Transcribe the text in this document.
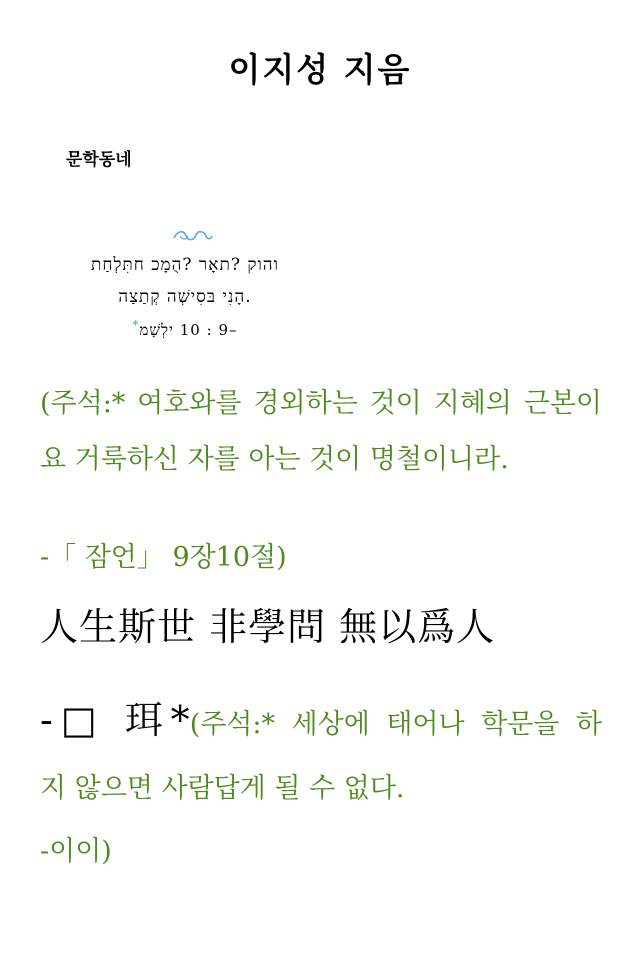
이지성 지음
문학동네
והוק ?תאָר ?הֻמָכ חתִּלְחַת
.הָנִי בּסִישְׁה קְתַצַה
–9 : 10 ילְשָׁמ*
(주석:* 여호와를 경외하는 것이 지혜의 근본이요 거룩하신 자를 아는 것이 명철이니라.
-「 잠언」 9장10절)
人生斯世 非學問 無以爲人
-□ 珥*(주석:* 세상에 태어나 학문을 하
지 않으면 사람답게 될 수 없다.
-이이)
